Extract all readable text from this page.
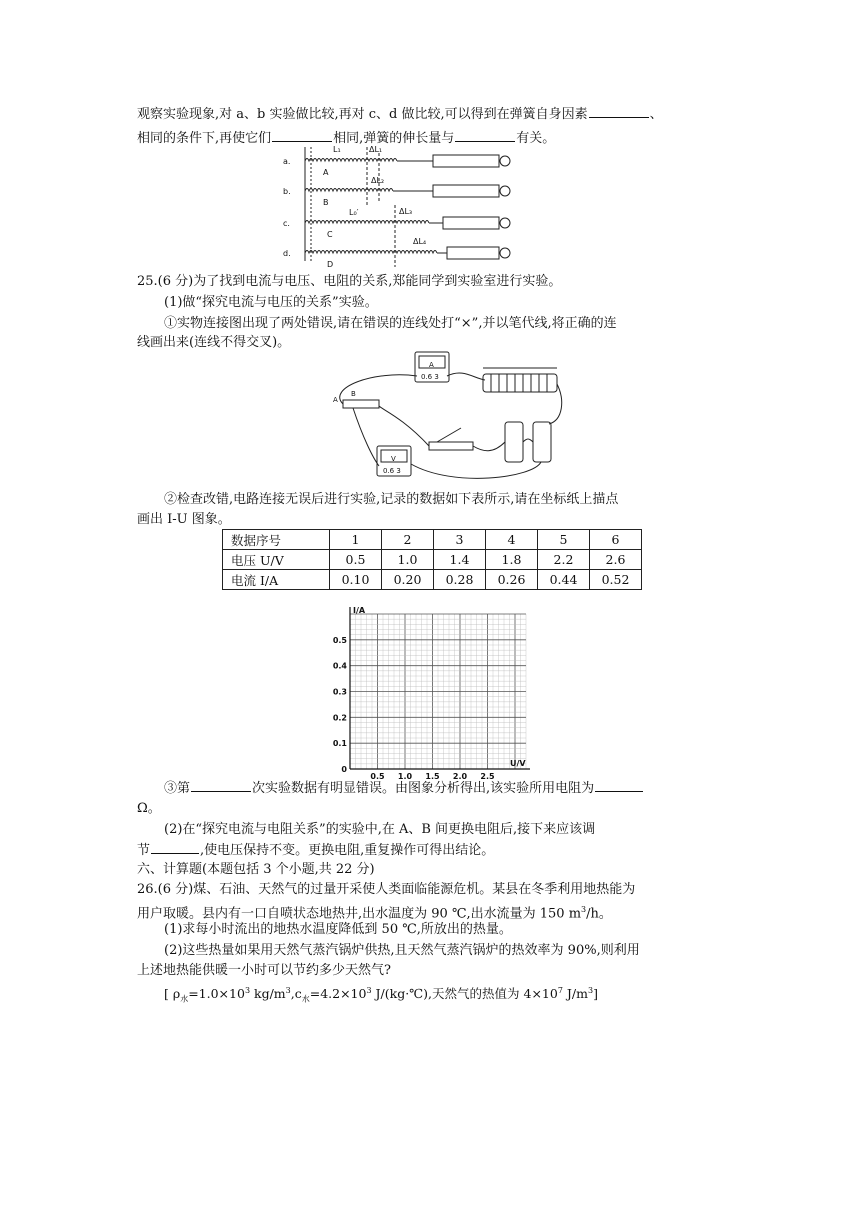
观察实验现象,对 a、b 实验做比较,再对 c、d 做比较,可以得到在弹簧自身因素	、
相同的条件下,再使它们	相同,弹簧的伸长量与	有关。
a.
b.
c.
d.
A
B
C
D
L₁
L₀′
ΔL₁
ΔL₂
ΔL₃
ΔL₄
25.(6 分)为了找到电流与电压、电阻的关系,郑能同学到实验室进行实验。
(1)做“探究电流与电压的关系”实验。
①实物连接图出现了两处错误,请在错误的连线处打“×”,并以笔代线,将正确的连
线画出来(连线不得交叉)。
A
0.6 3
V
0.6 3
A
B
②检查改错,电路连接无误后进行实验,记录的数据如下表所示,请在坐标纸上描点
画出 I-U 图象。
数据序号	1	2	3	4	5	6
电压 U/V	0.5	1.0	1.4	1.8	2.2	2.6
电流 I/A	0.10	0.20	0.28	0.26	0.44	0.52
0.5 1.0 1.5 2.0 2.5
0.1
0.2
0.3
0.4
0.5
0
U/V
I/A
③第	次实验数据有明显错误。由图象分析得出,该实验所用电阻为
Ω。
(2)在“探究电流与电阻关系”的实验中,在 A、B 间更换电阻后,接下来应该调
节	,使电压保持不变。更换电阻,重复操作可得出结论。
六、计算题(本题包括 3 个小题,共 22 分)
26.(6 分)煤、石油、天然气的过量开采使人类面临能源危机。某县在冬季利用地热能为
用户取暖。县内有一口自喷状态地热井,出水温度为 90 ℃,出水流量为 150 $m^3/h$。
(1)求每小时流出的地热水温度降低到 50 ℃,所放出的热量。
(2)这些热量如果用天然气蒸汽锅炉供热,且天然气蒸汽锅炉的热效率为 90%,则利用
上述地热能供暖一小时可以节约多少天然气?
[ $\rho_水=1.0\times 10^3$ $kg/m^3,c_水=4.2\times 10^3$ J/(kg·℃),天然气的热值为 $4\times 10^7$ $J/m^3$]
